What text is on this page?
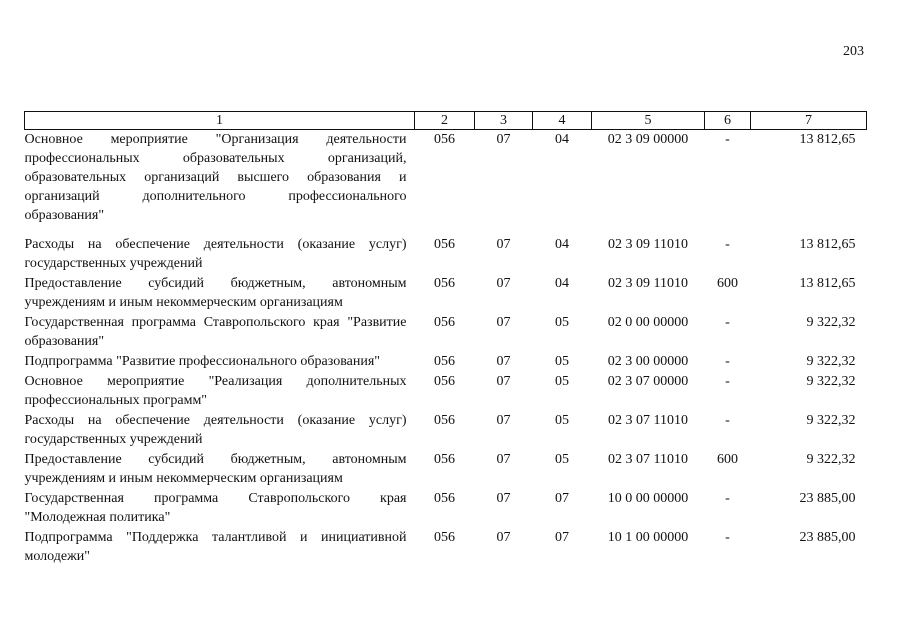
203
1	2	3	4	5	6	7
Основное мероприятие "Организация деятельности профессиональных образовательных организаций, образовательных организаций высшего образования и организаций дополнительного профессионального образования"	056	07	04	02 3 09 00000	-	13 812,65
Расходы на обеспечение деятельности (оказание услуг) государственных учреждений	056	07	04	02 3 09 11010	-	13 812,65
Предоставление субсидий бюджетным, автономным учреждениям и иным некоммерческим организациям	056	07	04	02 3 09 11010	600	13 812,65
Государственная программа Ставропольского края "Развитие образования"	056	07	05	02 0 00 00000	-	9 322,32
Подпрограмма "Развитие профессионального образования"	056	07	05	02 3 00 00000	-	9 322,32
Основное мероприятие "Реализация дополнительных профессиональных программ"	056	07	05	02 3 07 00000	-	9 322,32
Расходы на обеспечение деятельности (оказание услуг) государственных учреждений	056	07	05	02 3 07 11010	-	9 322,32
Предоставление субсидий бюджетным, автономным учреждениям и иным некоммерческим организациям	056	07	05	02 3 07 11010	600	9 322,32
Государственная программа Ставропольского края "Молодежная политика"	056	07	07	10 0 00 00000	-	23 885,00
Подпрограмма "Поддержка талантливой и инициативной молодежи"	056	07	07	10 1 00 00000	-	23 885,00
